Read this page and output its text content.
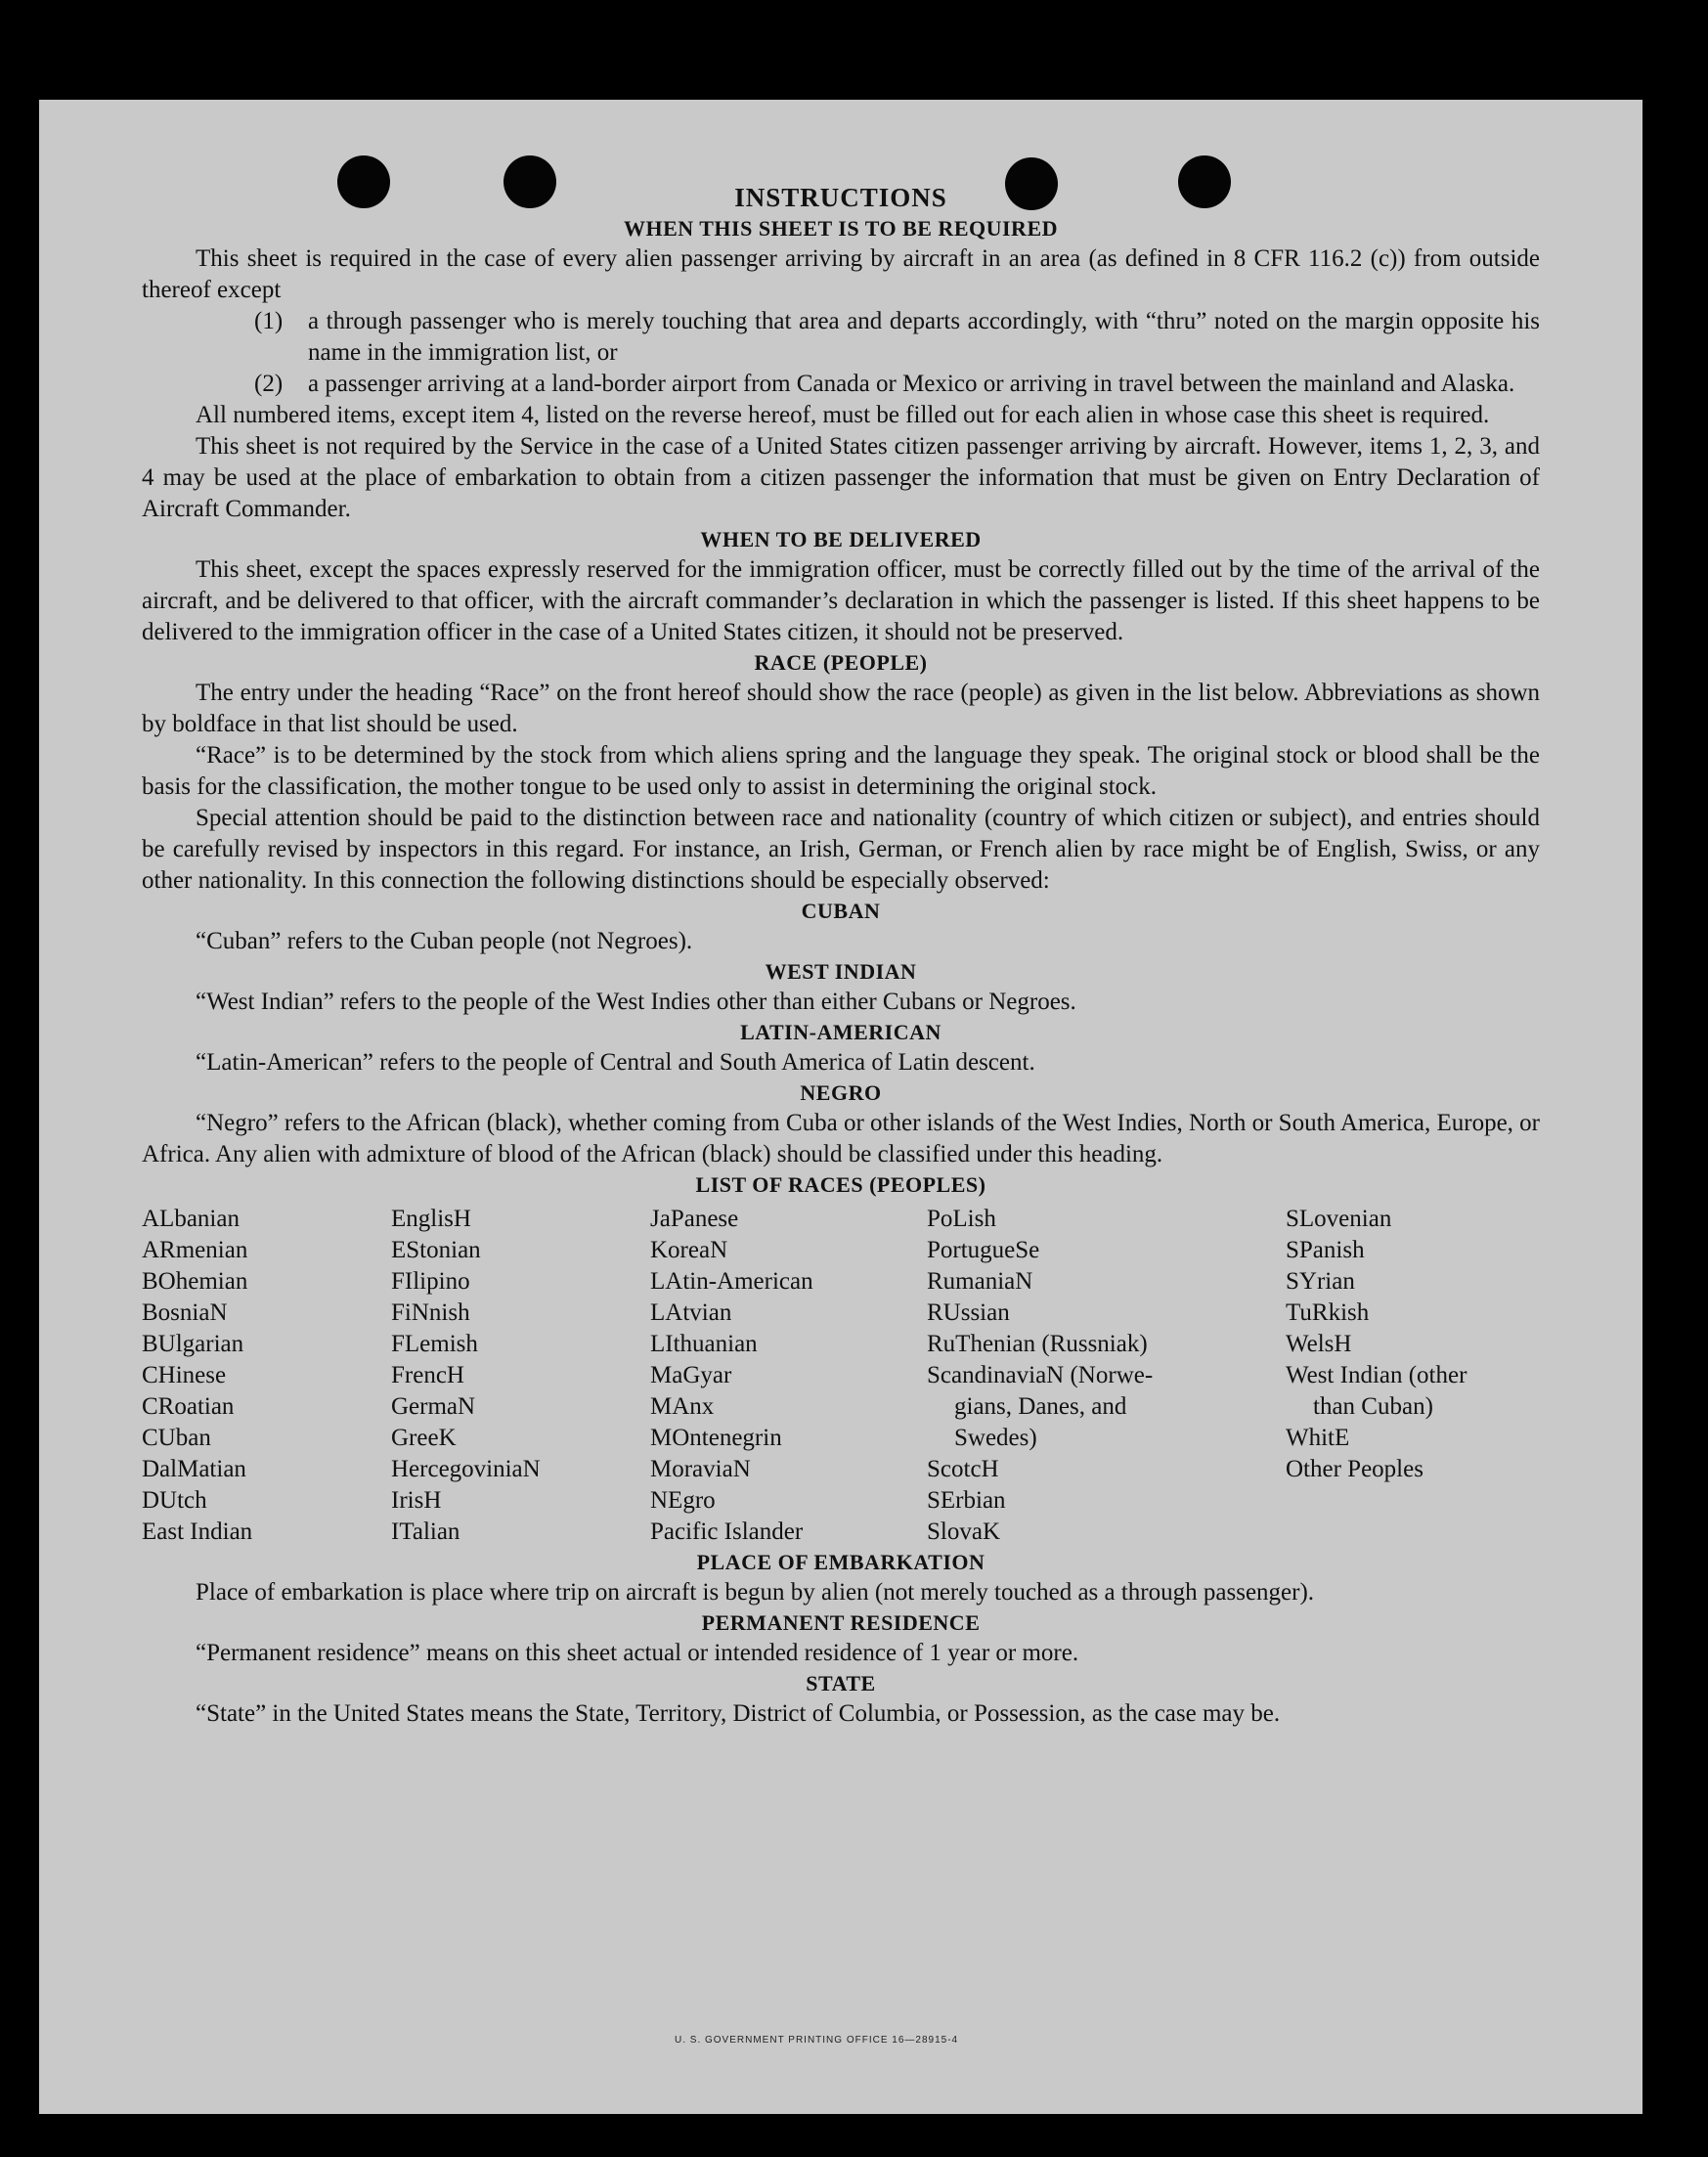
INSTRUCTIONS
WHEN THIS SHEET IS TO BE REQUIRED

This sheet is required in the case of every alien passenger arriving by aircraft in an area (as defined in 8 CFR 116.2 (c)) from outside thereof except

(1)	a through passenger who is merely touching that area and departs accordingly, with “thru” noted on the margin opposite his name in the immigration list, or
(2)	a passenger arriving at a land-border airport from Canada or Mexico or arriving in travel between the mainland and Alaska.

All numbered items, except item 4, listed on the reverse hereof, must be filled out for each alien in whose case this sheet is required.

This sheet is not required by the Service in the case of a United States citizen passenger arriving by aircraft. However, items 1, 2, 3, and 4 may be used at the place of embarkation to obtain from a citizen passenger the information that must be given on Entry Declaration of Aircraft Commander.

WHEN TO BE DELIVERED

This sheet, except the spaces expressly reserved for the immigration officer, must be correctly filled out by the time of the arrival of the aircraft, and be delivered to that officer, with the aircraft commander’s declaration in which the passenger is listed. If this sheet happens to be delivered to the immigration officer in the case of a United States citizen, it should not be preserved.

RACE (PEOPLE)

The entry under the heading “Race” on the front hereof should show the race (people) as given in the list below. Abbreviations as shown by boldface in that list should be used.

“Race” is to be determined by the stock from which aliens spring and the language they speak. The original stock or blood shall be the basis for the classification, the mother tongue to be used only to assist in determining the original stock.

Special attention should be paid to the distinction between race and nationality (country of which citizen or subject), and entries should be carefully revised by inspectors in this regard. For instance, an Irish, German, or French alien by race might be of English, Swiss, or any other nationality. In this connection the following distinctions should be especially observed:

CUBAN

“Cuban” refers to the Cuban people (not Negroes).

WEST INDIAN

“West Indian” refers to the people of the West Indies other than either Cubans or Negroes.

LATIN-AMERICAN

“Latin-American” refers to the people of Central and South America of Latin descent.

NEGRO

“Negro” refers to the African (black), whether coming from Cuba or other islands of the West Indies, North or South America, Europe, or Africa. Any alien with admixture of blood of the African (black) should be classified under this heading.

LIST OF RACES (PEOPLES)
ALbanian
ARmenian
BOhemian
BosniaN
BUlgarian
CHinese
CRoatian
CUban
DalMatian
DUtch
East Indian
EnglisH
EStonian
FIlipino
FiNnish
FLemish
FrencH
GermaN
GreeK
HercegoviniaN
IrisH
ITalian
JaPanese
KoreaN
LAtin-American
LAtvian
LIthuanian
MaGyar
MAnx
MOntenegrin
MoraviaN
NEgro
Pacific Islander
PoLish
PortugueSe
RumaniaN
RUssian
RuThenian (Russniak)
ScandinaviaN (Norwe-
gians, Danes, and
Swedes)
ScotcH
SErbian
SlovaK
SLovenian
SPanish
SYrian
TuRkish
WelsH
West Indian (other
than Cuban)
WhitE
Other Peoples
PLACE OF EMBARKATION

Place of embarkation is place where trip on aircraft is begun by alien (not merely touched as a through passenger).

PERMANENT RESIDENCE

“Permanent residence” means on this sheet actual or intended residence of 1 year or more.

STATE

“State” in the United States means the State, Territory, District of Columbia, or Possession, as the case may be.

U. S. GOVERNMENT PRINTING OFFICE 16—28915-4
